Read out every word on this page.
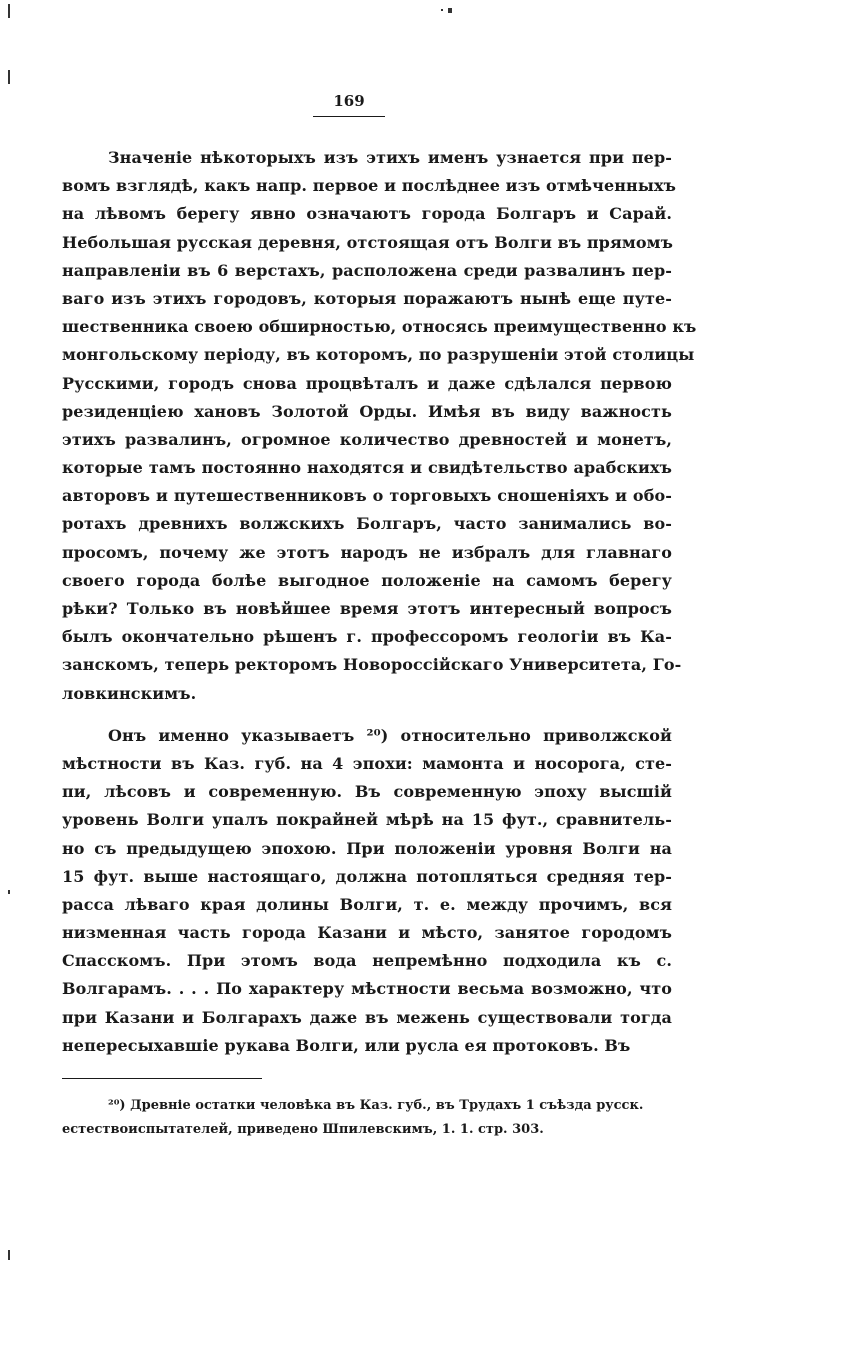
169
Значеніе нѣкоторыхъ изъ этихъ именъ узнается при пер-
вомъ взглядѣ, какъ напр. первое и послѣднее изъ отмѣченныхъ
на лѣвомъ берегу явно означаютъ города Болгаръ и Сарай.
Небольшая русская деревня, отстоящая отъ Волги въ прямомъ
направленіи въ 6 верстахъ, расположена среди развалинъ пер-
ваго изъ этихъ городовъ, которыя поражаютъ нынѣ еще путе-
шественника своею обширностью, относясь преимущественно къ
монгольскому періоду, въ которомъ, по разрушеніи этой столицы
Русскими, городъ снова процвѣталъ и даже сдѣлался первою
резиденціею хановъ Золотой Орды. Имѣя въ виду важность
этихъ развалинъ, огромное количество древностей и монетъ,
которые тамъ постоянно находятся и свидѣтельство арабскихъ
авторовъ и путешественниковъ о торговыхъ сношеніяхъ и обо-
ротахъ древнихъ волжскихъ Болгаръ, часто занимались во-
просомъ, почему же этотъ народъ не избралъ для главнаго
своего города болѣе выгодное положеніе на самомъ берегу
рѣки? Только въ новѣйшее время этотъ интересный вопросъ
былъ окончательно рѣшенъ г. профессоромъ геологіи въ Ка-
занскомъ, теперь ректоромъ Новороссійскаго Университета, Го-
ловкинскимъ.
Онъ именно указываетъ ²⁰) относительно приволжской
мѣстности въ Каз. губ. на 4 эпохи: мамонта и носорога, сте-
пи, лѣсовъ и современную. Въ современную эпоху высшій
уровень Волги упалъ покрайней мѣрѣ на 15 фут., сравнитель-
но съ предыдущею эпохою. При положеніи уровня Волги на
15 фут. выше настоящаго, должна потопляться средняя тер-
расса лѣваго края долины Волги, т. е. между прочимъ, вся
низменная часть города Казани и мѣсто, занятое городомъ
Спасскомъ. При этомъ вода непремѣнно подходила къ с.
Волгарамъ. . . . По характеру мѣстности весьма возможно, что
при Казани и Болгарахъ даже въ межень существовали тогда
непересыхавшіе рукава Волги, или русла ея протоковъ. Въ
²⁰) Древніе остатки человѣка въ Каз. губ., въ Трудахъ 1 съѣзда русск.
естествоиспытателей, приведено Шпилевскимъ, 1. 1. стр. 303.
